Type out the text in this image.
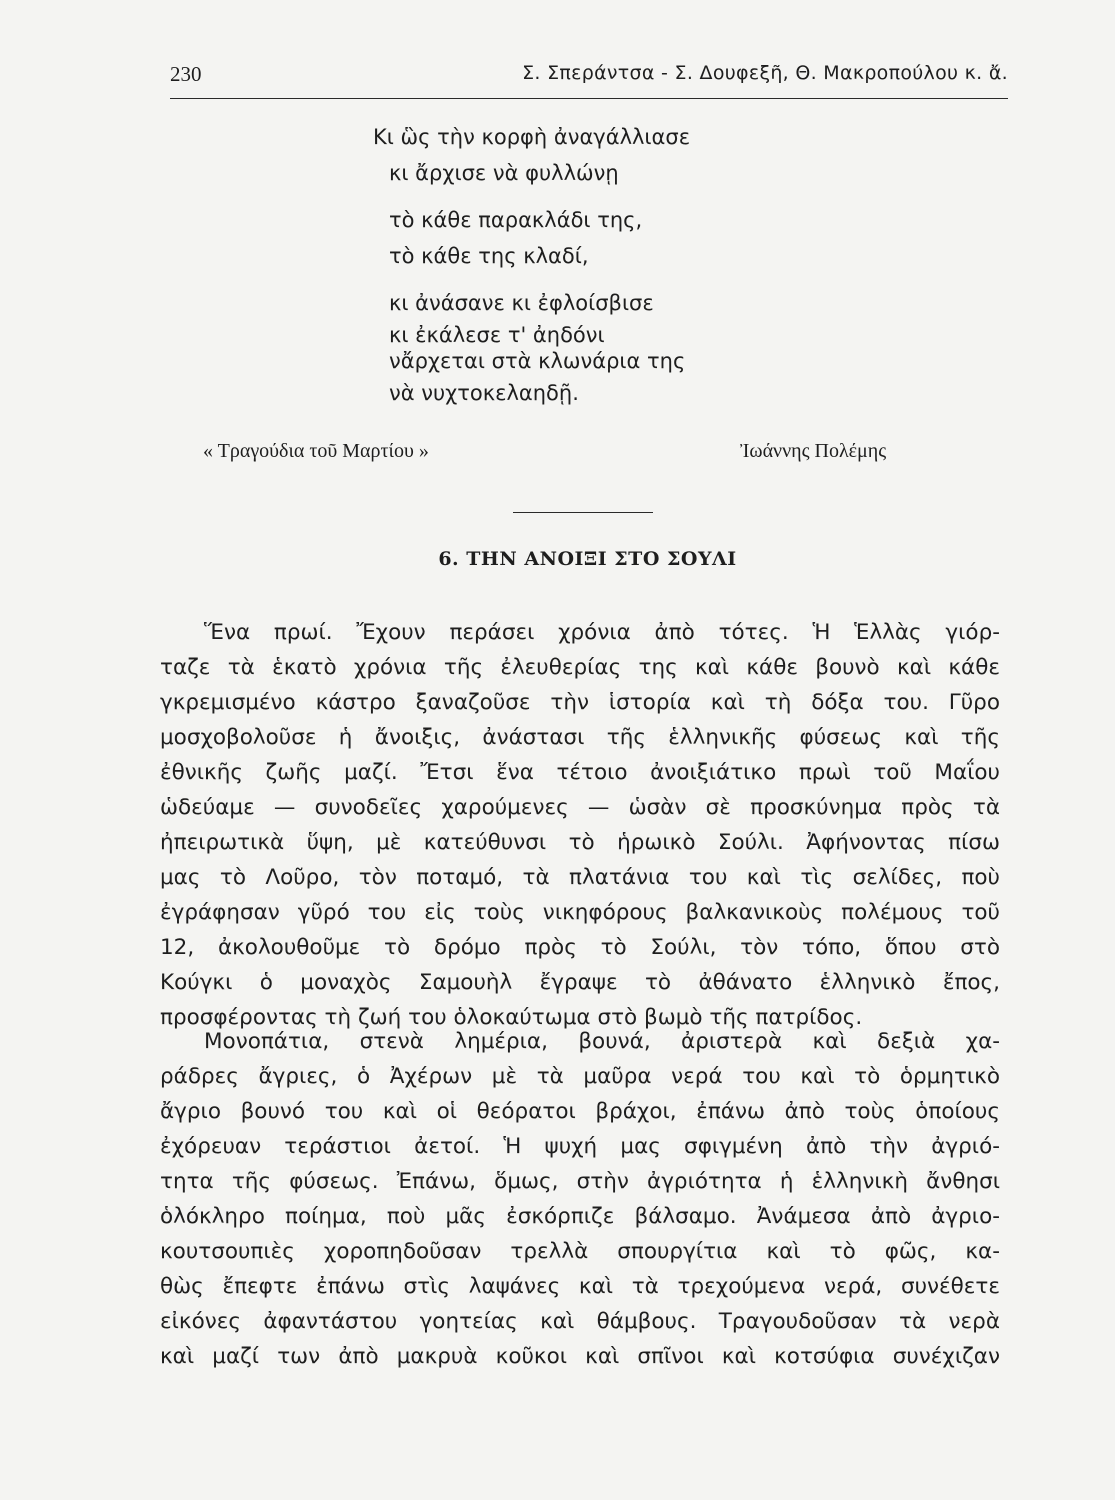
230	Σ. Σπεράντσα - Σ. Δουφεξῆ, Θ. Μακροπούλου κ. ἄ.
Κι ὣς τὴν κορφὴ ἀναγάλλιασε
κι ἄρχισε νὰ φυλλώνῃ
τὸ κάθε παρακλάδι της,
τὸ κάθε της κλαδί,
κι ἀνάσανε κι ἐφλοίσβισε
κι ἐκάλεσε τ' ἀηδόνι
νἄρχεται στὰ κλωνάρια της
νὰ νυχτοκελαηδῇ.
« Τραγούδια τοῦ Μαρτίου »	Ἰωάννης Πολέμης
6. ΤΗΝ ΑΝΟΙΞΙ ΣΤΟ ΣΟΥΛΙ
Ἕνα πρωί. Ἔχουν περάσει χρόνια ἀπὸ τότες. Ἡ Ἑλλὰς γιόρ-
ταζε τὰ ἑκατὸ χρόνια τῆς ἐλευθερίας της καὶ κάθε βουνὸ καὶ κάθε
γκρεμισμένο κάστρο ξαναζοῦσε τὴν ἱστορία καὶ τὴ δόξα του. Γῦρο
μοσχοβολοῦσε ἡ ἄνοιξις, ἀνάστασι τῆς ἑλληνικῆς φύσεως καὶ τῆς
ἐθνικῆς ζωῆς μαζί. Ἔτσι ἕνα τέτοιο ἀνοιξιάτικο πρωὶ τοῦ Μαΐου
ὡδεύαμε — συνοδεῖες χαρούμενες — ὡσὰν σὲ προσκύνημα πρὸς τὰ
ἠπειρωτικὰ ὕψη, μὲ κατεύθυνσι τὸ ἡρωικὸ Σούλι. Ἀφήνοντας πίσω
μας τὸ Λοῦρο, τὸν ποταμό, τὰ πλατάνια του καὶ τὶς σελίδες, ποὺ
ἐγράφησαν γῦρό του εἰς τοὺς νικηφόρους βαλκανικοὺς πολέμους τοῦ
12, ἀκολουθοῦμε τὸ δρόμο πρὸς τὸ Σούλι, τὸν τόπο, ὅπου στὸ
Κούγκι ὁ μοναχὸς Σαμουὴλ ἔγραψε τὸ ἀθάνατο ἑλληνικὸ ἔπος,
προσφέροντας τὴ ζωή του ὁλοκαύτωμα στὸ βωμὸ τῆς πατρίδος.
Μονοπάτια, στενὰ λημέρια, βουνά, ἀριστερὰ καὶ δεξιὰ χα-
ράδρες ἄγριες, ὁ Ἀχέρων μὲ τὰ μαῦρα νερά του καὶ τὸ ὁρμητικὸ
ἄγριο βουνό του καὶ οἱ θεόρατοι βράχοι, ἐπάνω ἀπὸ τοὺς ὁποίους
ἐχόρευαν τεράστιοι ἀετοί. Ἡ ψυχή μας σφιγμένη ἀπὸ τὴν ἀγριό-
τητα τῆς φύσεως. Ἐπάνω, ὅμως, στὴν ἀγριότητα ἡ ἑλληνικὴ ἄνθησι
ὁλόκληρο ποίημα, ποὺ μᾶς ἐσκόρπιζε βάλσαμο. Ἀνάμεσα ἀπὸ ἀγριο-
κουτσουπιὲς χοροπηδοῦσαν τρελλὰ σπουργίτια καὶ τὸ φῶς, κα-
θὼς ἔπεφτε ἐπάνω στὶς λαψάνες καὶ τὰ τρεχούμενα νερά, συνέθετε
εἰκόνες ἀφαντάστου γοητείας καὶ θάμβους. Τραγουδοῦσαν τὰ νερὰ
καὶ μαζί των ἀπὸ μακρυὰ κοῦκοι καὶ σπῖνοι καὶ κοτσύφια συνέχιζαν
